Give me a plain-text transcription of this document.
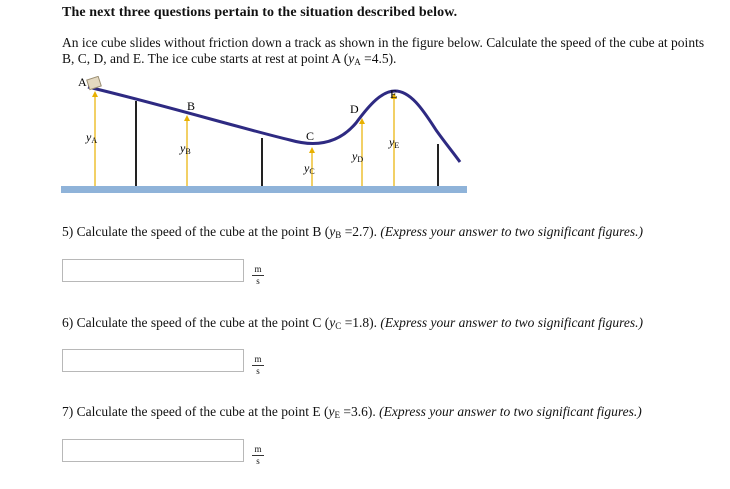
The next three questions pertain to the situation described below.
An ice cube slides without friction down a track as shown in the figure below. Calculate the speed of the cube at points B, C, D, and E. The ice cube starts at rest at point A $(y_A =4.5)$.
A
B
C
D
E
yA
yB
yC
yD
yE
5) Calculate the speed of the cube at the point B $(y_B =2.7)$. (Express your answer to two significant figures.)
$\frac{m}{s}$
6) Calculate the speed of the cube at the point C $(y_C =1.8)$. (Express your answer to two significant figures.)
$\frac{m}{s}$
7) Calculate the speed of the cube at the point E $(y_E =3.6)$. (Express your answer to two significant figures.)
$\frac{m}{s}$
